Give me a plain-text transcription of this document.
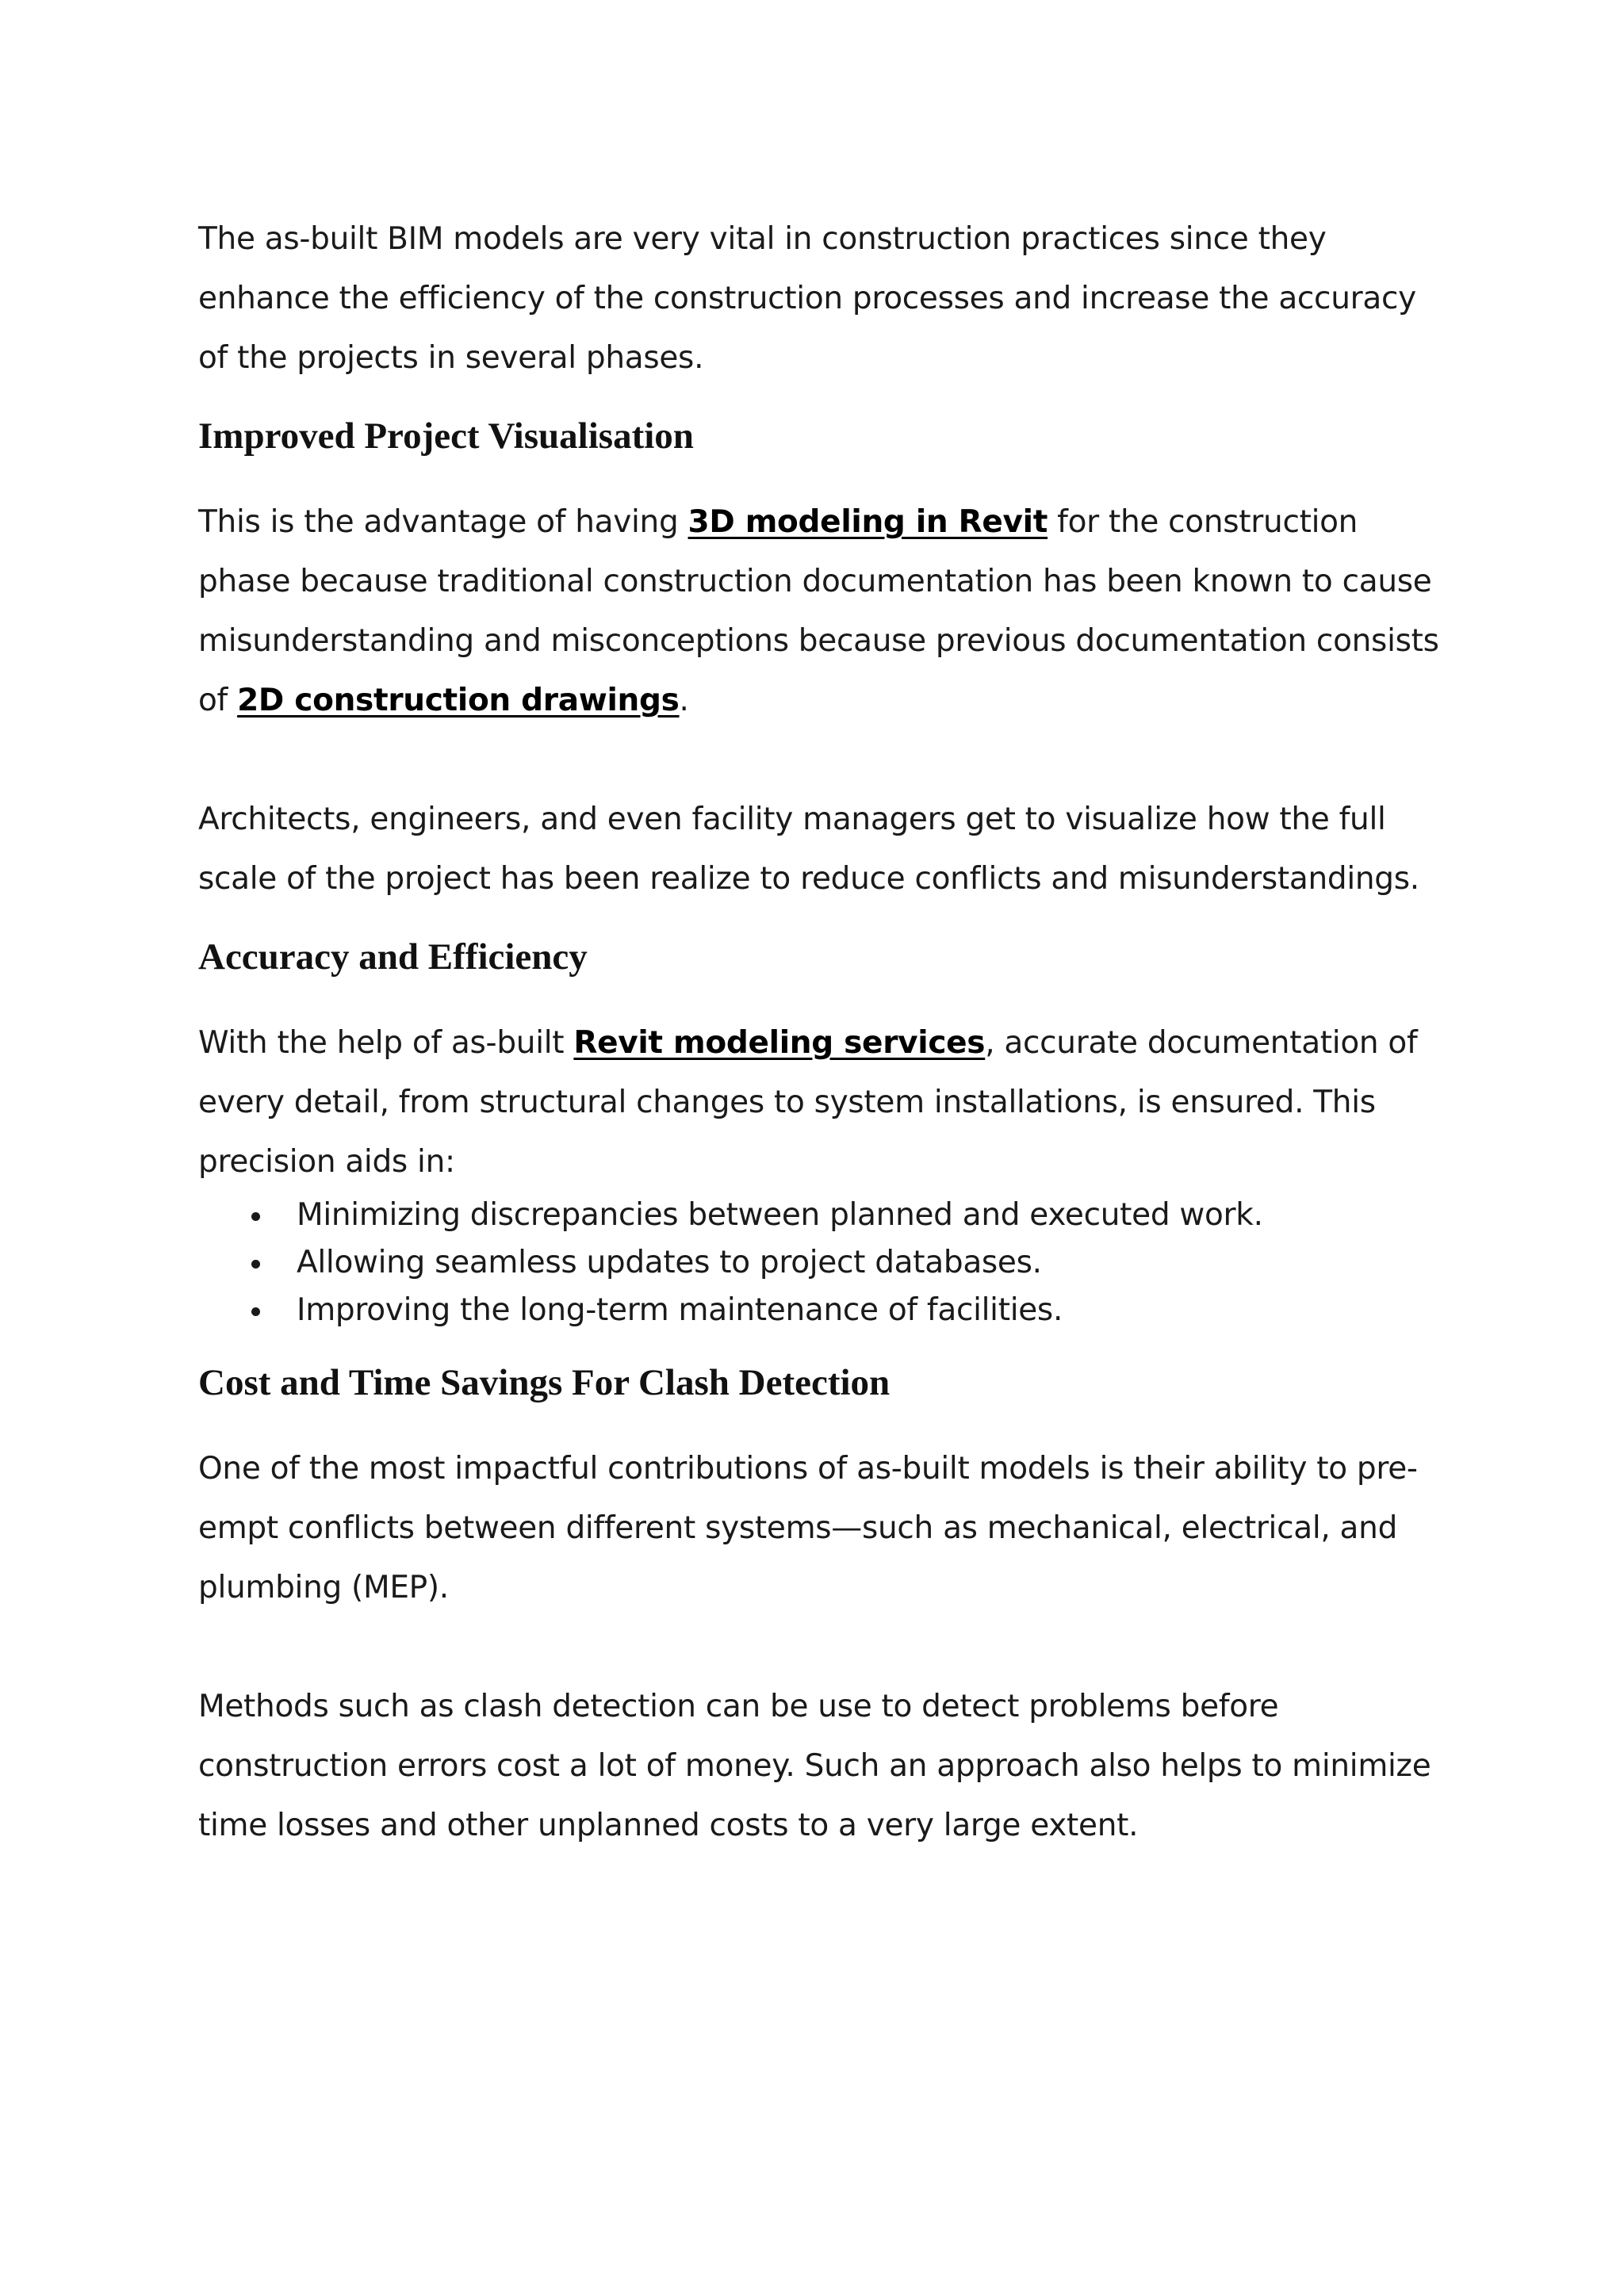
The as-built BIM models are very vital in construction practices since they enhance the efficiency of the construction processes and increase the accuracy of the projects in several phases.

Improved Project Visualisation

This is the advantage of having 3D modeling in Revit for the construction phase because traditional construction documentation has been known to cause misunderstanding and misconceptions because previous documentation consists of 2D construction drawings.

Architects, engineers, and even facility managers get to visualize how the full scale of the project has been realize to reduce conflicts and misunderstandings.

Accuracy and Efficiency

With the help of as-built Revit modeling services, accurate documentation of every detail, from structural changes to system installations, is ensured. This precision aids in:

Minimizing discrepancies between planned and executed work.
Allowing seamless updates to project databases.
Improving the long-term maintenance of facilities.
Cost and Time Savings For Clash Detection

One of the most impactful contributions of as-built models is their ability to pre-empt conflicts between different systems—such as mechanical, electrical, and plumbing (MEP).

Methods such as clash detection can be use to detect problems before construction errors cost a lot of money. Such an approach also helps to minimize time losses and other unplanned costs to a very large extent.
